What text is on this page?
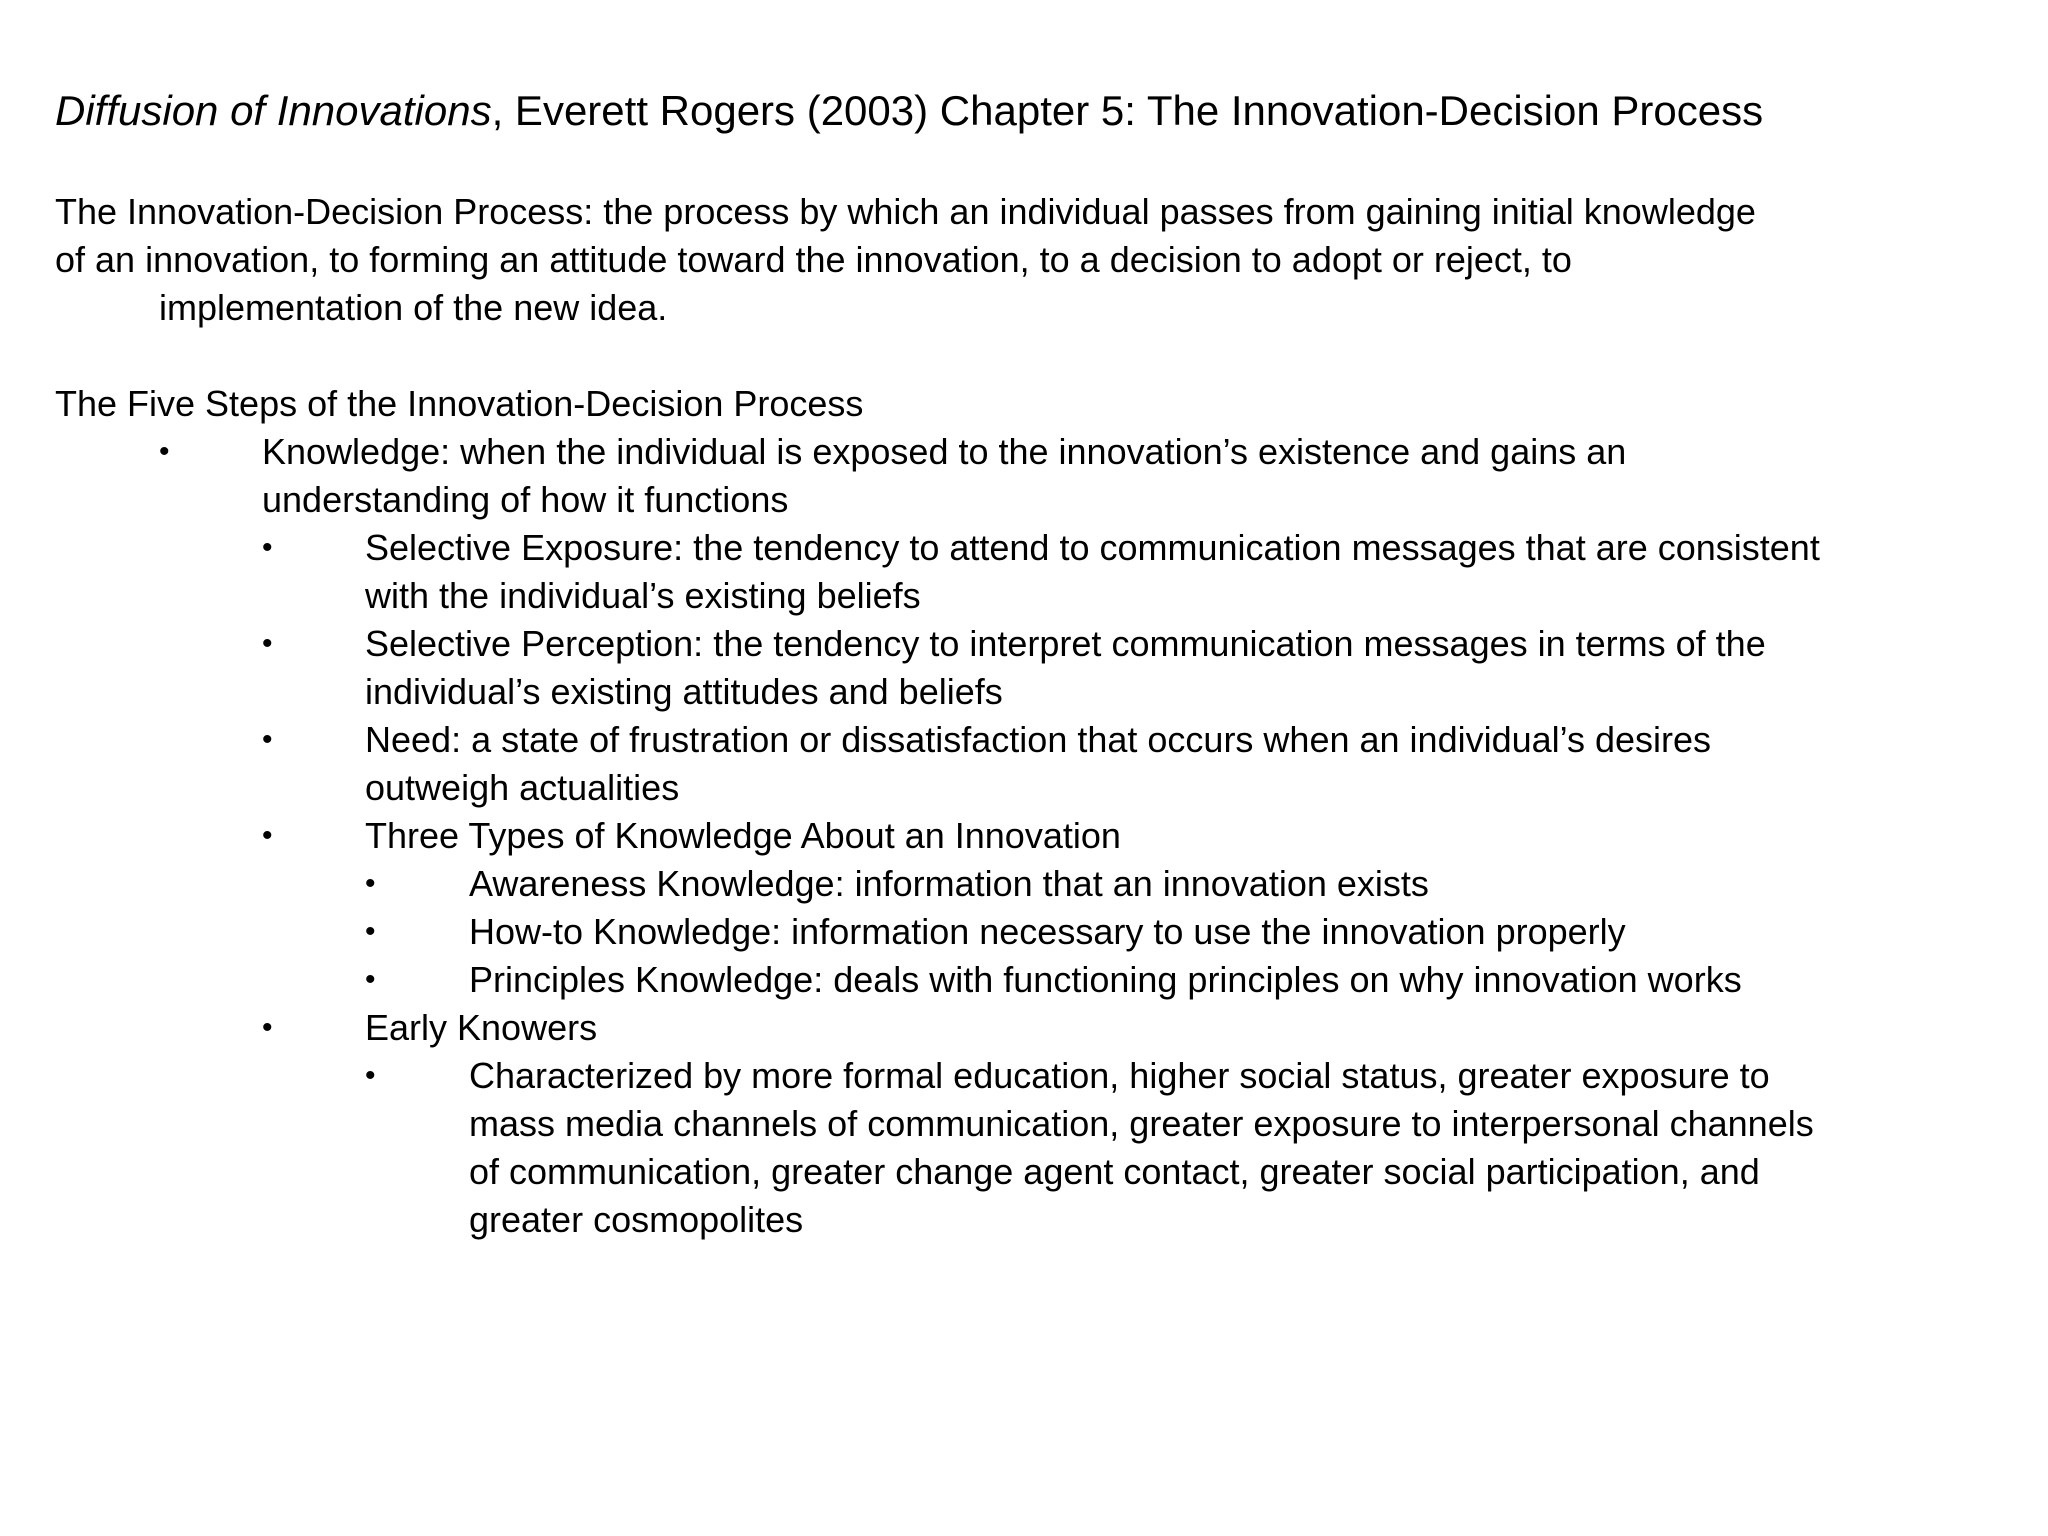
Diffusion of Innovations, Everett Rogers (2003) Chapter 5: The Innovation-Decision Process
The Innovation-Decision Process: the process by which an individual passes from gaining initial knowledge
of an innovation, to forming an attitude toward the innovation, to a decision to adopt or reject, to
implementation of the new idea.
The Five Steps of the Innovation-Decision Process
•	Knowledge: when the individual is exposed to the innovation’s existence and gains an
understanding of how it functions
•	Selective Exposure: the tendency to attend to communication messages that are consistent
with the individual’s existing beliefs
•	Selective Perception: the tendency to interpret communication messages in terms of the
individual’s existing attitudes and beliefs
•	Need: a state of frustration or dissatisfaction that occurs when an individual’s desires
outweigh actualities
•	Three Types of Knowledge About an Innovation
•	Awareness Knowledge: information that an innovation exists
•	How-to Knowledge: information necessary to use the innovation properly
•	Principles Knowledge: deals with functioning principles on why innovation works
•	Early Knowers
•	Characterized by more formal education, higher social status, greater exposure to
mass media channels of communication, greater exposure to interpersonal channels
of communication, greater change agent contact, greater social participation, and
greater cosmopolites
